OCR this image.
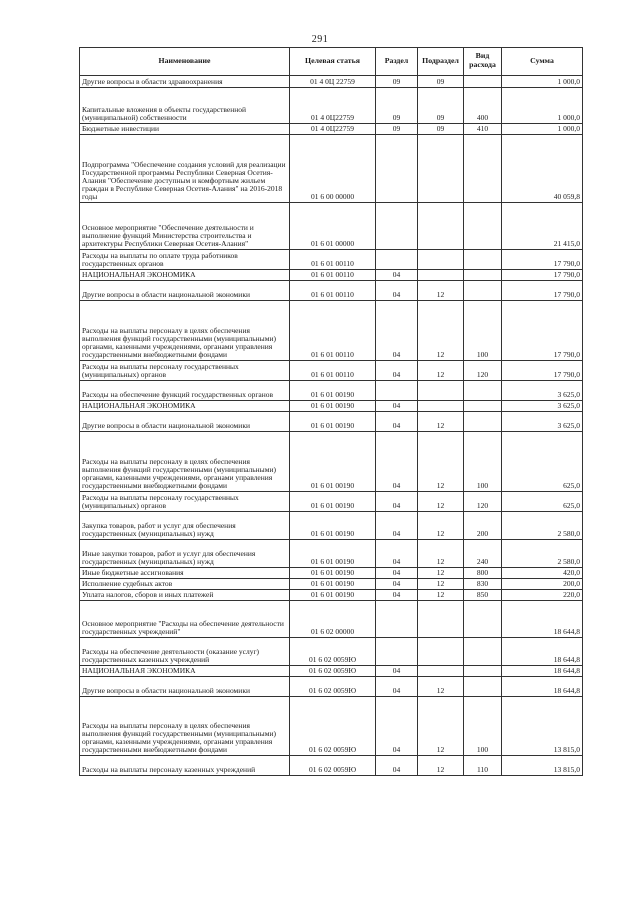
291
Наименование	Целевая статья	Раздел	Подраздел	Вид расхода	Сумма
Другие вопросы в области здравоохранения	01 4 0Ц 22759	09	09		1 000,0
Капитальные вложения в объекты государственной (муниципальной) собственности	01 4 0Ц22759	09	09	400	1 000,0
Бюджетные инвестиции	01 4 0Ц22759	09	09	410	1 000,0
Подпрограмма "Обеспечение создания условий для реализации Государственной программы Республики Северная Осетия-Алания "Обеспечение доступным и комфортным жильем граждан в Республике Северная Осетия-Алания" на 2016-2018 годы	01 6 00 00000				40 059,8
Основное мероприятие "Обеспечение деятельности и выполнение функций Министерства строительства и архитектуры Республики Северная Осетия-Алания"	01 6 01 00000				21 415,0
Расходы на выплаты по оплате труда работников государственных органов	01 6 01 00110				17 790,0
НАЦИОНАЛЬНАЯ ЭКОНОМИКА	01 6 01 00110	04			17 790,0
Другие вопросы в области национальной экономики	01 6 01 00110	04	12		17 790,0
Расходы на выплаты персоналу в целях обеспечения выполнения функций государственными (муниципальными) органами, казенными учреждениями, органами управления государственными внебюджетными фондами	01 6 01 00110	04	12	100	17 790,0
Расходы на выплаты персоналу государственных (муниципальных) органов	01 6 01 00110	04	12	120	17 790,0
Расходы на обеспечение функций государственных органов	01 6 01 00190				3 625,0
НАЦИОНАЛЬНАЯ ЭКОНОМИКА	01 6 01 00190	04			3 625,0
Другие вопросы в области национальной экономики	01 6 01 00190	04	12		3 625,0
Расходы на выплаты персоналу в целях обеспечения выполнения функций государственными (муниципальными) органами, казенными учреждениями, органами управления государственными внебюджетными фондами	01 6 01 00190	04	12	100	625,0
Расходы на выплаты персоналу государственных (муниципальных) органов	01 6 01 00190	04	12	120	625,0
Закупка товаров, работ и услуг для обеспечения государственных (муниципальных) нужд	01 6 01 00190	04	12	200	2 580,0
Иные закупки товаров, работ и услуг для обеспечения государственных (муниципальных) нужд	01 6 01 00190	04	12	240	2 580,0
Иные бюджетные ассигнования	01 6 01 00190	04	12	800	420,0
Исполнение судебных актов	01 6 01 00190	04	12	830	200,0
Уплата налогов, сборов и иных платежей	01 6 01 00190	04	12	850	220,0
Основное мероприятие "Расходы на обеспечение деятельности государственных учреждений"	01 6 02 00000				18 644,8
Расходы на обеспечение деятельности (оказание услуг) государственных казенных учреждений	01 6 02 0059Ю				18 644,8
НАЦИОНАЛЬНАЯ ЭКОНОМИКА	01 6 02 0059Ю	04			18 644,8
Другие вопросы в области национальной экономики	01 6 02 0059Ю	04	12		18 644,8
Расходы на выплаты персоналу в целях обеспечения выполнения функций государственными (муниципальными) органами, казенными учреждениями, органами управления государственными внебюджетными фондами	01 6 02 0059Ю	04	12	100	13 815,0
Расходы на выплаты персоналу казенных учреждений	01 6 02 0059Ю	04	12	110	13 815,0
